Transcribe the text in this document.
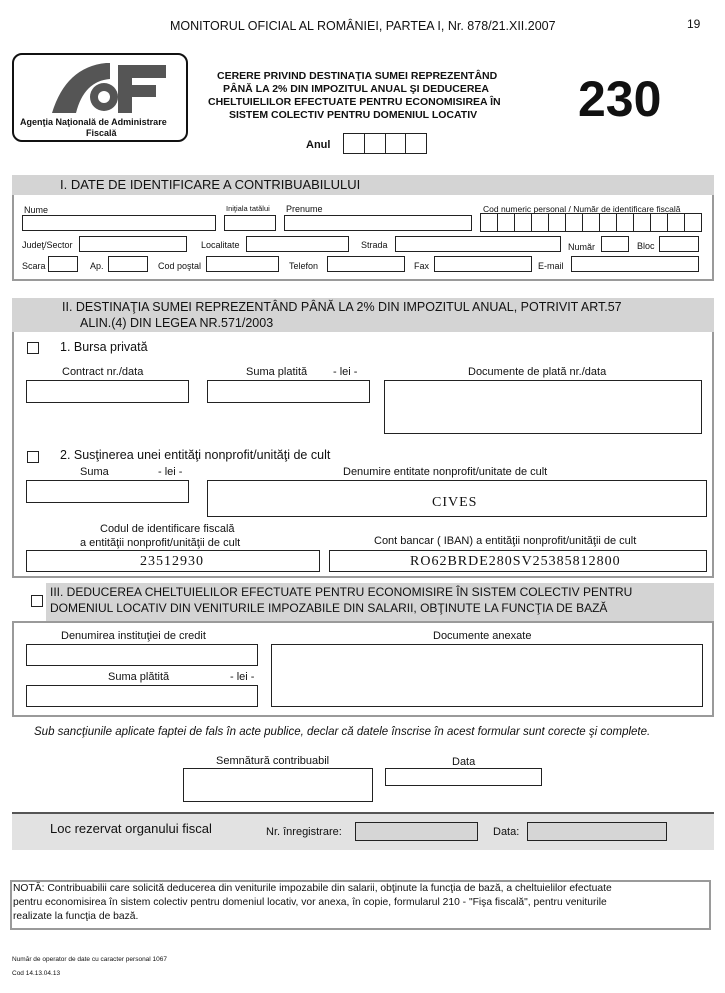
MONITORUL OFICIAL AL ROMÂNIEI, PARTEA I, Nr. 878/21.XII.2007	19
Agenţia Naţională de Administrare
Fiscală
CERERE PRIVIND DESTINAŢIA SUMEI REPREZENTÂND
PÂNĂ LA 2% DIN IMPOZITUL ANUAL ŞI DEDUCEREA
CHELTUIELILOR EFECTUATE PENTRU ECONOMISIREA ÎN
SISTEM COLECTIV PENTRU DOMENIUL LOCATIV 230
Anul
I. DATE DE IDENTIFICARE A CONTRIBUABILULUI
Nume	Iniţiala tatălui Prenume	Cod numeric personal / Număr de identificare fiscală
Judeţ/Sector	Localitate	Strada	Număr	Bloc
Scara	Ap.	Cod poştal	Telefon	Fax	E-mail
II. DESTINAŢIA SUMEI REPREZENTÂND PÂNĂ LA 2% DIN IMPOZITUL ANUAL, POTRIVIT ART.57
ALIN.(4) DIN LEGEA NR.571/2003
1. Bursa privată
Contract nr./data	Suma platită - lei -	Documente de plată nr./data
2. Susţinerea unei entităţi nonprofit/unităţi de cult
Suma	- lei -	Denumire entitate nonprofit/unitate de cult
CIVES
Codul de identificare fiscală
a entităţii nonprofit/unităţii de cult
23512930
Cont bancar ( IBAN) a entităţii nonprofit/unităţii de cult
RO62BRDE280SV25385812800
III. DEDUCEREA CHELTUIELILOR EFECTUATE PENTRU ECONOMISIRE ÎN SISTEM COLECTIV PENTRU
DOMENIUL LOCATIV DIN VENITURILE IMPOZABILE DIN SALARII, OBŢINUTE LA FUNCŢIA DE BAZĂ
Denumirea instituţiei de credit	Documente anexate
Suma plătită	- lei -
Sub sancţiunile aplicate faptei de fals în acte publice, declar că datele înscrise în acest formular sunt corecte şi complete.
Semnătură contribuabil	Data
Loc rezervat organului fiscal	Nr. înregistrare:	Data:
NOTĂ: Contribuabilii care solicită deducerea din veniturile impozabile din salarii, obţinute la funcţia de bază, a cheltuielilor efectuate
pentru economisirea în sistem colectiv pentru domeniul locativ, vor anexa, în copie, formularul 210 - "Fişa fiscală", pentru veniturile
realizate la funcţia de bază.
Număr de operator de date cu caracter personal 1067
Cod 14.13.04.13
